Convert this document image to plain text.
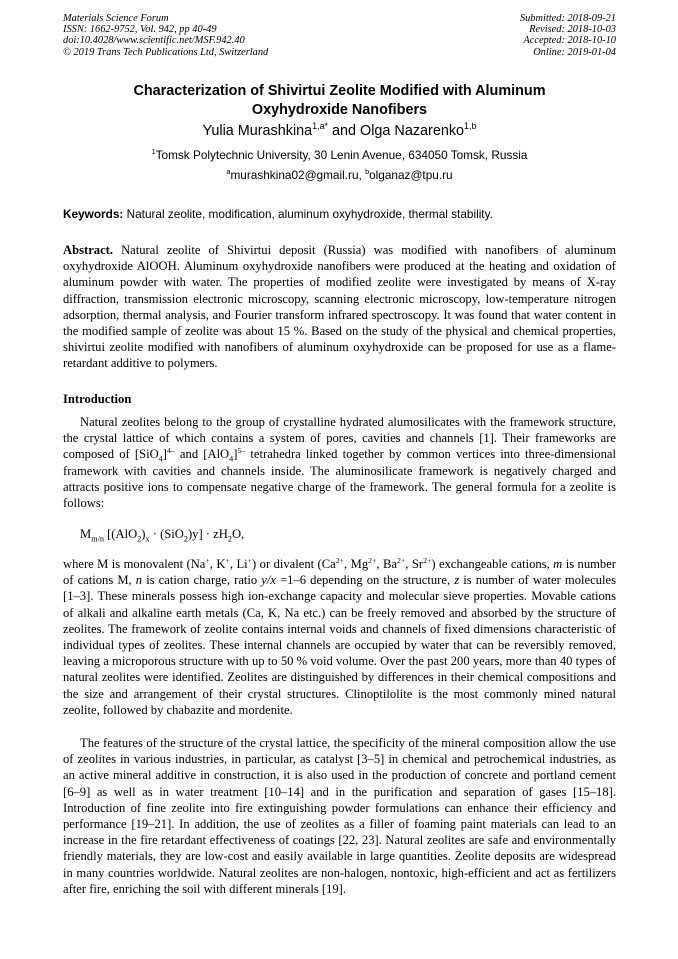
Materials Science Forum
ISSN: 1662-9752, Vol. 942, pp 40-49
doi:10.4028/www.scientific.net/MSF.942.40
© 2019 Trans Tech Publications Ltd, Switzerland
Submitted: 2018-09-21
Revised: 2018-10-03
Accepted: 2018-10-10
Online: 2019-01-04
Characterization of Shivirtui Zeolite Modified with Aluminum
Oxyhydroxide Nanofibers
Yulia Murashkina$^{1,a*}$ and Olga Nazarenko$^{1,b}$
$^1$Tomsk Polytechnic University, 30 Lenin Avenue, 634050 Tomsk, Russia
$^a$murashkina02@gmail.ru, $^b$olganaz@tpu.ru
Keywords: Natural zeolite, modification, aluminum oxyhydroxide, thermal stability.
Abstract. Natural zeolite of Shivirtui deposit (Russia) was modified with nanofibers of aluminum oxyhydroxide AlOOH. Aluminum oxyhydroxide nanofibers were produced at the heating and oxidation of aluminum powder with water. The properties of modified zeolite were investigated by means of X-ray diffraction, transmission electronic microscopy, scanning electronic microscopy, low-temperature nitrogen adsorption, thermal analysis, and Fourier transform infrared spectroscopy. It was found that water content in the modified sample of zeolite was about 15 %. Based on the study of the physical and chemical properties, shivirtui zeolite modified with nanofibers of aluminum oxyhydroxide can be proposed for use as a flame-retardant additive to polymers.
Introduction
Natural zeolites belong to the group of crystalline hydrated alumosilicates with the framework structure, the crystal lattice of which contains a system of pores, cavities and channels [1]. Their frameworks are composed of $[SiO_4]^{4-}$ and $[AlO_4]^{5-}$ tetrahedra linked together by common vertices into three-dimensional framework with cavities and channels inside. The aluminosilicate framework is negatively charged and attracts positive ions to compensate negative charge of the framework. The general formula for a zeolite is follows:
$M_{m/n}$ $[(AlO_2)_x \cdot (SiO_2)y] \cdot zH_2O$,
where M is monovalent (Na+, K+, Li+) or divalent ($Ca^{2+}$, $Mg^{2+}$, $Ba^{2+}$, $Sr^{2+}$) exchangeable cations, m is number of cations M, n is cation charge, ratio y/x =1–6 depending on the structure, z is number of water molecules [1–3]. These minerals possess high ion-exchange capacity and molecular sieve properties. Movable cations of alkali and alkaline earth metals (Ca, K, Na etc.) can be freely removed and absorbed by the structure of zeolites. The framework of zeolite contains internal voids and channels of fixed dimensions characteristic of individual types of zeolites. These internal channels are occupied by water that can be reversibly removed, leaving a microporous structure with up to 50 % void volume. Over the past 200 years, more than 40 types of natural zeolites were identified. Zeolites are distinguished by differences in their chemical compositions and the size and arrangement of their crystal structures. Clinoptilolite is the most commonly mined natural zeolite, followed by chabazite and mordenite.
The features of the structure of the crystal lattice, the specificity of the mineral composition allow the use of zeolites in various industries, in particular, as catalyst [3–5] in chemical and petrochemical industries, as an active mineral additive in construction, it is also used in the production of concrete and portland cement [6–9] as well as in water treatment [10–14] and in the purification and separation of gases [15–18]. Introduction of fine zeolite into fire extinguishing powder formulations can enhance their efficiency and performance [19–21]. In addition, the use of zeolites as a filler of foaming paint materials can lead to an increase in the fire retardant effectiveness of coatings [22, 23]. Natural zeolites are safe and environmentally friendly materials, they are low-cost and easily available in large quantities. Zeolite deposits are widespread in many countries worldwide. Natural zeolites are non-halogen, nontoxic, high-efficient and act as fertilizers after fire, enriching the soil with different minerals [19].
